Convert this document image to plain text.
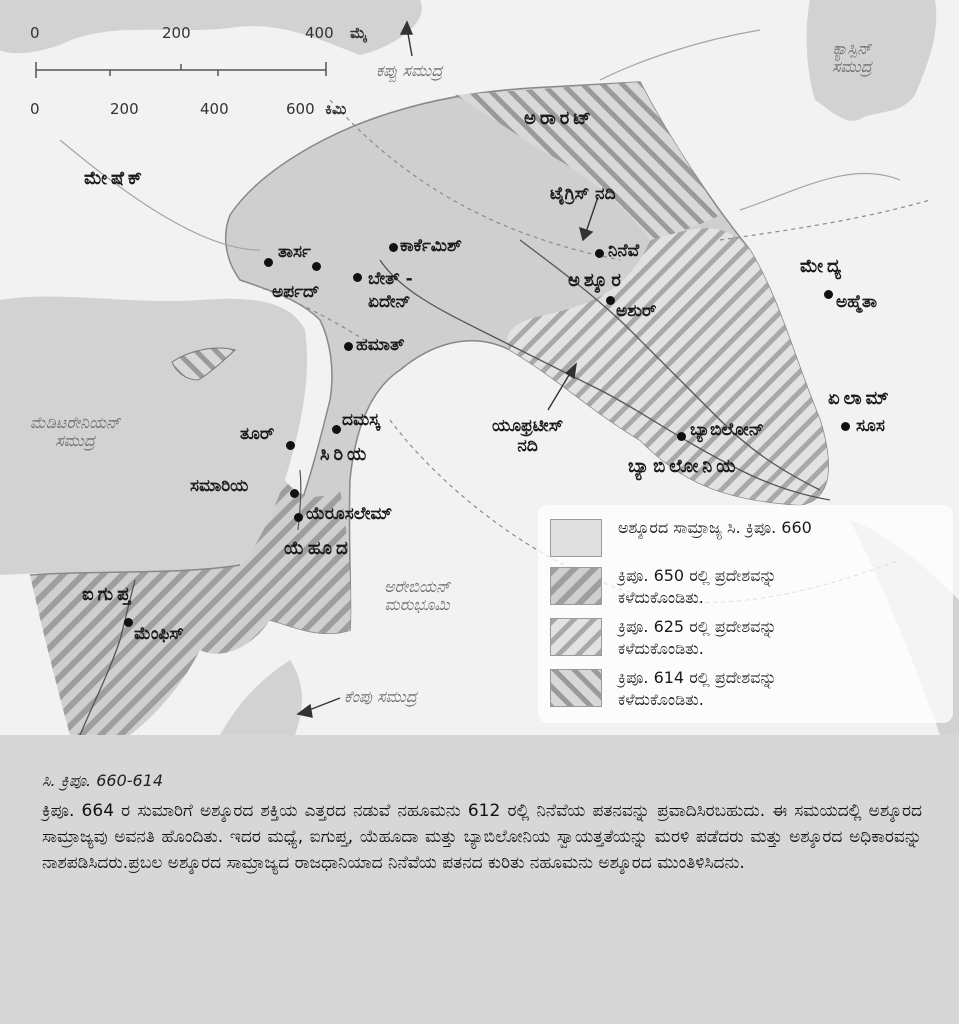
0	200	400 ಮೈ
0	200	400	600 ಕಿಮಿ
ಕಪ್ಪು ಸಮುದ್ರ
ಕ್ಯಾಸ್ಪಿನ್
ಸಮುದ್ರ
ಮೆಡಿಟರೇನಿಯನ್
ಸಮುದ್ರ
ಕೆಂಪು ಸಮುದ್ರ
ಅರೇಬಿಯನ್
ಮರುಭೂಮಿ
ಅರಾರಟ್
ಮೇಷೆಕ್
ಅಶ್ಶೂರ
ಮೇದ್ಯ
ಏಲಾಮ್
ಬ್ಯಾಬಿಲೋನಿಯ
ಸಿರಿಯ
ಯೆಹೂದ
ಐಗುಪ್ತ
ಟೈಗ್ರಿಸ್ ನದಿ
ಯೂಫ್ರಟೀಸ್
ನದಿ
ತಾರ್ಸ
ಅರ್ಪದ್
ಕಾರ್ಕೆಮಿಶ್
ಬೇತ್ -
ಏದೇನ್
ನಿನೆವೆ
ಅಶುರ್
ಹಮಾತ್
ತೂರ್
ದಮಸ್ಕ
ಸಮಾರಿಯ
ಯೆರೂಸಲೇಮ್
ಮೆಂಫಿಸ್
ಬ್ಯಾಬಿಲೋನ್
ಅಹ್ಮೆತಾ
ಸೂಸ
ಅಶ್ಶೂರದ ಸಾಮ್ರಾಜ್ಯ ಸಿ. ಕ್ರಿಪೂ. 660
ಕ್ರಿಪೂ. 650 ರಲ್ಲಿ ಪ್ರದೇಶವನ್ನು
ಕಳೆದುಕೊಂಡಿತು.
ಕ್ರಿಪೂ. 625 ರಲ್ಲಿ ಪ್ರದೇಶವನ್ನು
ಕಳೆದುಕೊಂಡಿತು.
ಕ್ರಿಪೂ. 614 ರಲ್ಲಿ ಪ್ರದೇಶವನ್ನು
ಕಳೆದುಕೊಂಡಿತು.
ಸಿ. ಕ್ರಿಪೂ. 660-614
ಕ್ರಿಪೂ. 664 ರ ಸುಮಾರಿಗೆ ಅಶ್ಶೂರದ ಶಕ್ತಿಯ ಎತ್ತರದ ನಡುವೆ ನಹೂಮನು 612 ರಲ್ಲಿ ನಿನೆವೆಯ ಪತನವನ್ನು ಪ್ರವಾದಿಸಿರಬಹುದು. ಈ ಸಮಯದಲ್ಲಿ ಅಶ್ಶೂರದ ಸಾಮ್ರಾಜ್ಯವು ಅವನತಿ ಹೊಂದಿತು. ಇದರ ಮಧ್ಯೆ, ಐಗುಪ್ತ, ಯೆಹೂದಾ ಮತ್ತು ಬ್ಯಾಬಿಲೋನಿಯ ಸ್ವಾಯತ್ತತೆಯನ್ನು ಮರಳಿ ಪಡೆದರು ಮತ್ತು ಅಶ್ಶೂರದ ಅಧಿಕಾರವನ್ನು ನಾಶಪಡಿಸಿದರು.ಪ್ರಬಲ ಅಶ್ಶೂರದ ಸಾಮ್ರಾಜ್ಯದ ರಾಜಧಾನಿಯಾದ ನಿನೆವೆಯ ಪತನದ ಕುರಿತು ನಹೂಮನು ಅಶ್ಶೂರದ ಮುಂತಿಳಿಸಿದನು.
